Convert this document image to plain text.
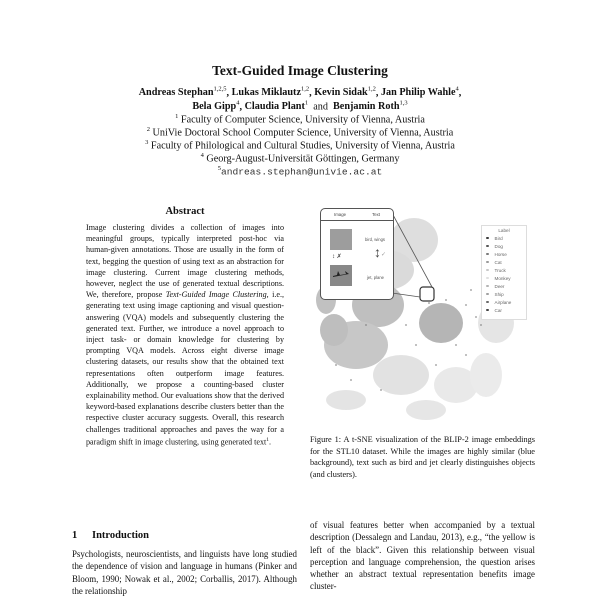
Text-Guided Image Clustering
Andreas Stephan$^{1,2,5}$, Lukas Miklautz$^{1,2}$, Kevin Sidak$^{1,2}$, Jan Philip Wahle$^4$,
Bela Gipp$^4$, Claudia Plant$^1$ and Benjamin Roth$^{1,3}$
$^1$ Faculty of Computer Science, University of Vienna, Austria
$^2$ UniVie Doctoral School Computer Science, University of Vienna, Austria
$^3$ Faculty of Philological and Cultural Studies, University of Vienna, Austria
$^4$ Georg-August-Universität Göttingen, Germany
$^5$andreas.stephan@univie.ac.at
Abstract
Image clustering divides a collection of images into meaningful groups, typically interpreted post-hoc via human-given annotations. Those are usually in the form of text, begging the question of using text as an abstraction for image clustering. Current image clustering methods, however, neglect the use of generated textual descriptions. We, therefore, propose Text-Guided Image Clustering, i.e., generating text using image captioning and visual question-answering (VQA) models and subsequently clustering the generated text. Further, we introduce a novel approach to inject task- or domain knowledge for clustering by prompting VQA models. Across eight diverse image clustering datasets, our results show that the obtained text representations often outperform image features. Additionally, we propose a counting-based cluster explainability method. Our evaluations show that the derived keyword-based explanations describe clusters better than the respective cluster accuracy suggests. Overall, this research challenges traditional approaches and paves the way for a paradigm shift in image clustering, using generated text$^1$.
1 Introduction
Psychologists, neuroscientists, and linguists have long studied the dependence of vision and language in humans (Pinker and Bloom, 1990; Nowak et al., 2002; Corballis, 2017). Although the relationship
Image	Text
bird, wings
↕ ✗ ↕ ✓
jet, plane
Label
Bird
Dog
Horse
Cat
Truck
Monkey
Deer
Ship
Airplane
Car
Figure 1: A t-SNE visualization of the BLIP-2 image embeddings for the STL10 dataset. While the images are highly similar (blue background), text such as bird and jet clearly distinguishes objects (and clusters).
of visual features better when accompanied by a textual description (Dessalegn and Landau, 2013), e.g., “the yellow is left of the black”. Given this relationship between visual perception and language comprehension, the question arises whether an abstract textual representation benefits image cluster-
